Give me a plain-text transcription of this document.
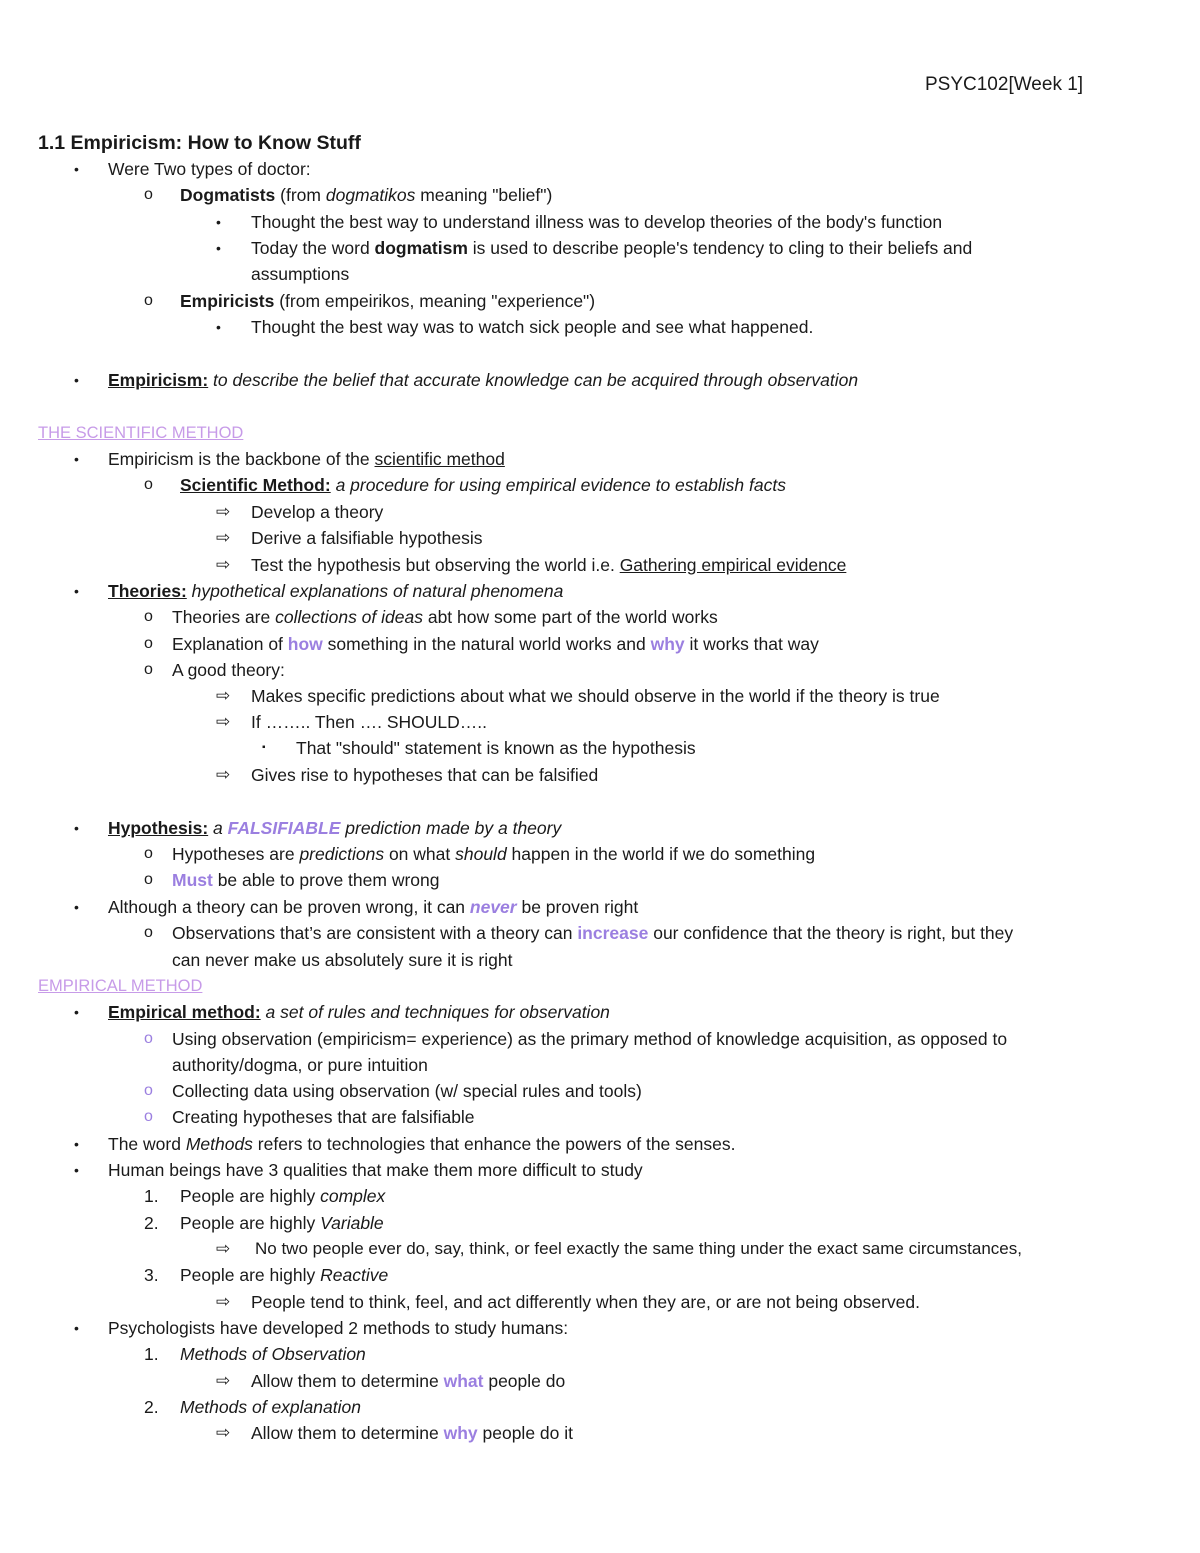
PSYC102[Week 1]
1.1 Empiricism: How to Know Stuff
• Were Two types of doctor:
o Dogmatists (from dogmatikos meaning "belief")
• Thought the best way to understand illness was to develop theories of the body's function
• Today the word dogmatism is used to describe people's tendency to cling to their beliefs and
assumptions
o Empiricists (from empeirikos, meaning "experience")
• Thought the best way was to watch sick people and see what happened.
• Empiricism: to describe the belief that accurate knowledge can be acquired through observation
THE SCIENTIFIC METHOD
• Empiricism is the backbone of the scientific method
o Scientific Method: a procedure for using empirical evidence to establish facts
⇨ Develop a theory
⇨ Derive a falsifiable hypothesis
⇨ Test the hypothesis but observing the world i.e. Gathering empirical evidence
• Theories: hypothetical explanations of natural phenomena
o Theories are collections of ideas abt how some part of the world works
o Explanation of how something in the natural world works and why it works that way
o A good theory:
⇨ Makes specific predictions about what we should observe in the world if the theory is true
⇨ If …….. Then …. SHOULD…..
▪ That "should" statement is known as the hypothesis
⇨ Gives rise to hypotheses that can be falsified
• Hypothesis: a FALSIFIABLE prediction made by a theory
o Hypotheses are predictions on what should happen in the world if we do something
o Must be able to prove them wrong
• Although a theory can be proven wrong, it can never be proven right
o Observations that’s are consistent with a theory can increase our confidence that the theory is right, but they
can never make us absolutely sure it is right
EMPIRICAL METHOD
• Empirical method: a set of rules and techniques for observation
o Using observation (empiricism= experience) as the primary method of knowledge acquisition, as opposed to
authority/dogma, or pure intuition
o Collecting data using observation (w/ special rules and tools)
o Creating hypotheses that are falsifiable
• The word Methods refers to technologies that enhance the powers of the senses.
• Human beings have 3 qualities that make them more difficult to study
1. People are highly complex
2. People are highly Variable
⇨ No two people ever do, say, think, or feel exactly the same thing under the exact same circumstances,
3. People are highly Reactive
⇨ People tend to think, feel, and act differently when they are, or are not being observed.
• Psychologists have developed 2 methods to study humans:
1. Methods of Observation
⇨ Allow them to determine what people do
2. Methods of explanation
⇨ Allow them to determine why people do it
